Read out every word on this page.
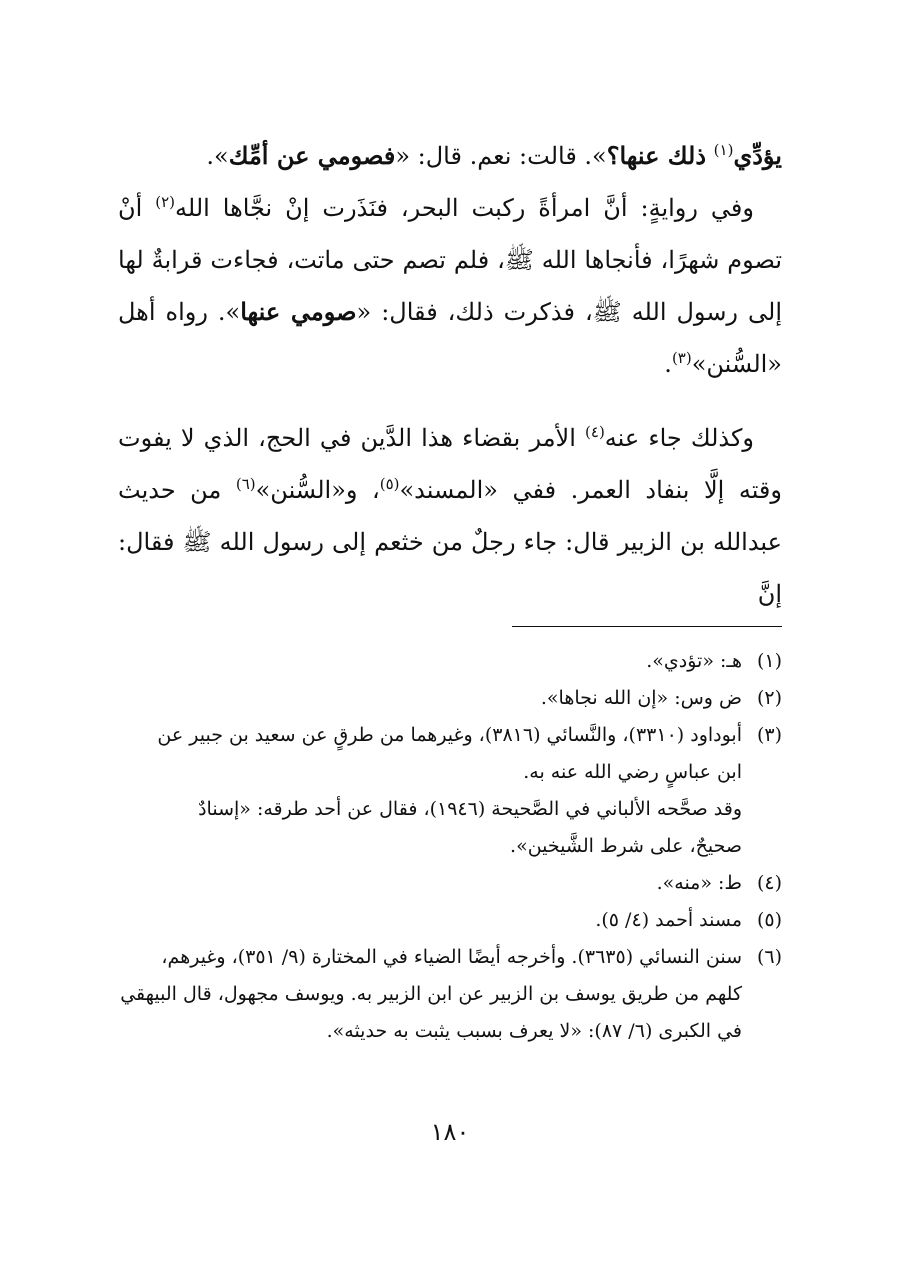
يؤدِّي$^{(١)}$ ذلك عنها؟». قالت: نعم. قال: «فصومي عن أمِّك».

وفي روايةٍ: أنَّ امرأةً ركبت البحر، فنَذَرت إنْ نجَّاها الله$^{(٢)}$ أنْ تصوم شهرًا، فأنجاها الله ﷺ، فلم تصم حتى ماتت، فجاءت قرابةٌ لها إلى رسول الله ﷺ، فذكرت ذلك، فقال: «صومي عنها». رواه أهل «السُّنن»$^{(٣)}$.

وكذلك جاء عنه$^{(٤)}$ الأمر بقضاء هذا الدَّين في الحج، الذي لا يفوت وقته إلَّا بنفاد العمر. ففي «المسند»$^{(٥)}$، و«السُّنن»$^{(٦)}$ من حديث عبدالله بن الزبير قال: جاء رجلٌ من خثعم إلى رسول الله ﷺ فقال: إنَّ

(١)
هـ: «تؤدي».
(٢)
ض وس: «إن الله نجاها».
(٣)
أبوداود (٣٣١٠)، والنَّسائي (٣٨١٦)، وغيرهما من طرقٍ عن سعيد بن جبير عن
ابن عباسٍ رضي الله عنه به.
وقد صحَّحه الألباني في الصَّحيحة (١٩٤٦)، فقال عن أحد طرقه: «إسنادٌ
صحيحٌ، على شرط الشَّيخين».
(٤)
ط: «منه».
(٥)
مسند أحمد (٤/ ٥).
(٦)
سنن النسائي (٣٦٣٥). وأخرجه أيضًا الضياء في المختارة (٩/ ٣٥١)، وغيرهم،
كلهم من طريق يوسف بن الزبير عن ابن الزبير به. ويوسف مجهول، قال البيهقي
في الكبرى (٦/ ٨٧): «لا يعرف بسبب يثبت به حديثه».
١٨٠
